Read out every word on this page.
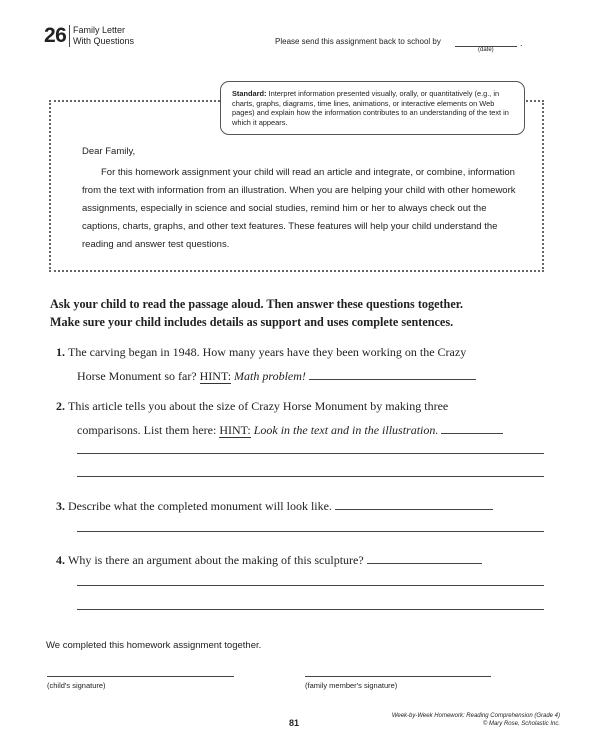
26 Family Letter
With Questions	Please send this assignment back to school by	.
(date)
Standard: Interpret information presented visually, orally, or quantitatively (e.g., in charts, graphs, diagrams, time lines, animations, or interactive elements on Web pages) and explain how the information contributes to an understanding of the text in which it appears.
Dear Family,
For this homework assignment your child will read an article and integrate, or combine, information from the text with information from an illustration. When you are helping your child with other homework assignments, especially in science and social studies, remind him or her to always check out the captions, charts, graphs, and other text features. These features will help your child understand the reading and answer test questions.
Ask your child to read the passage aloud. Then answer these questions together.
Make sure your child includes details as support and uses complete sentences.
1. The carving began in 1948. How many years have they been working on the Crazy
Horse Monument so far? HINT: Math problem!
2. This article tells you about the size of Crazy Horse Monument by making three
comparisons. List them here: HINT: Look in the text and in the illustration.
3. Describe what the completed monument will look like.
4. Why is there an argument about the making of this sculpture?
We completed this homework assignment together.
(child's signature)	(family member's signature)
81
Week-by-Week Homework: Reading Comprehension (Grade 4)
© Mary Rose, Scholastic Inc.
